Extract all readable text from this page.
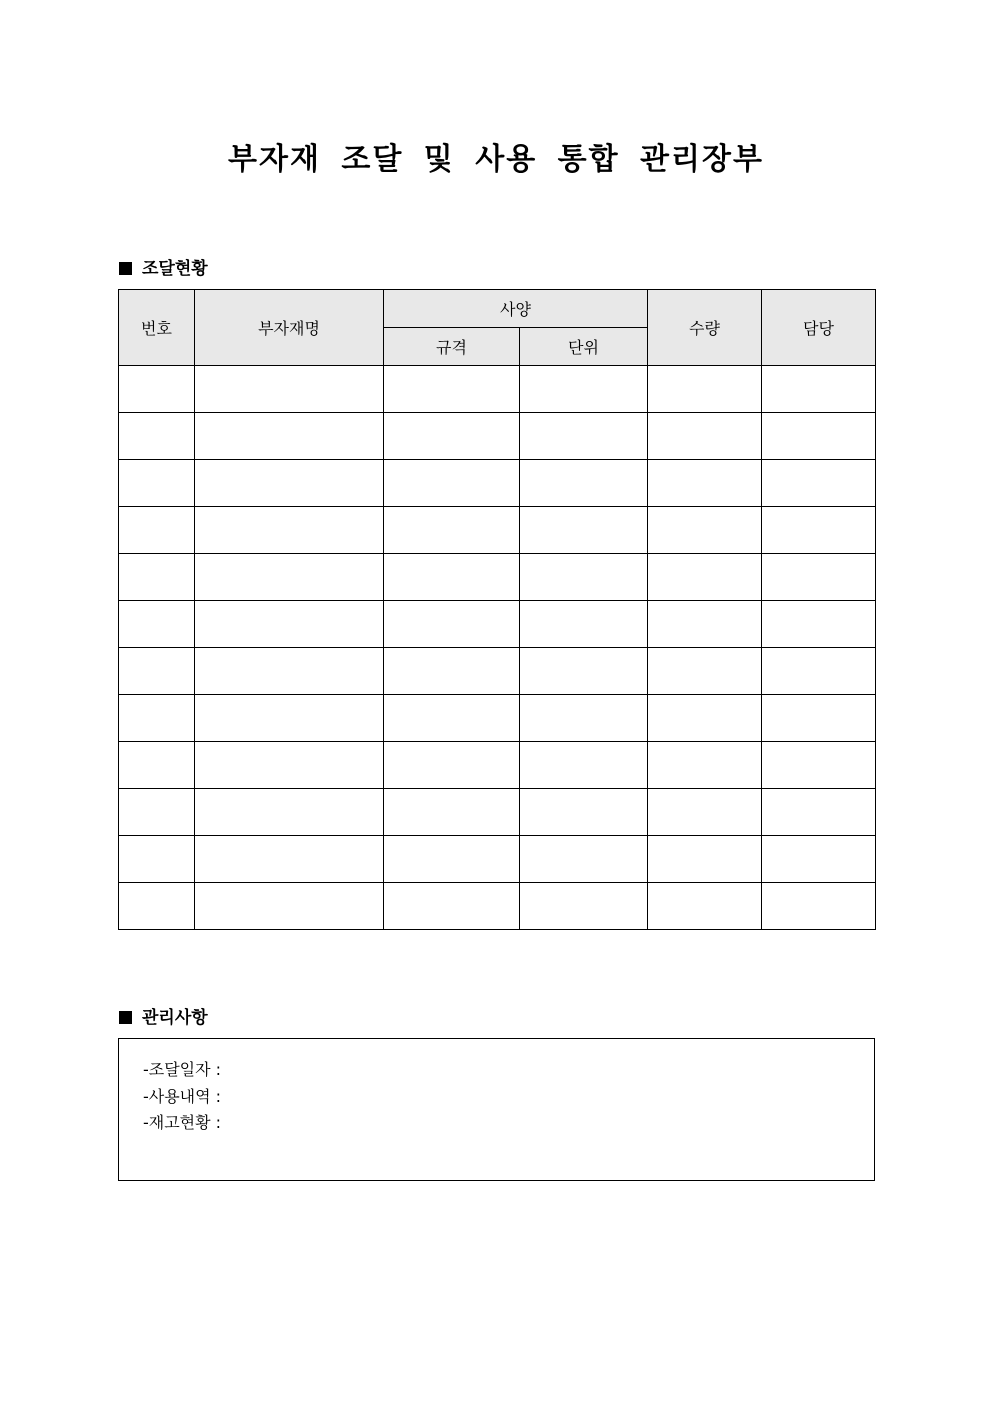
부자재 조달 및 사용 통합 관리장부
조달현황
번호	부자재명	사양		수량	담당
		규격	단위		

관리사항
-조달일자 :
-사용내역 :
-재고현황 :
